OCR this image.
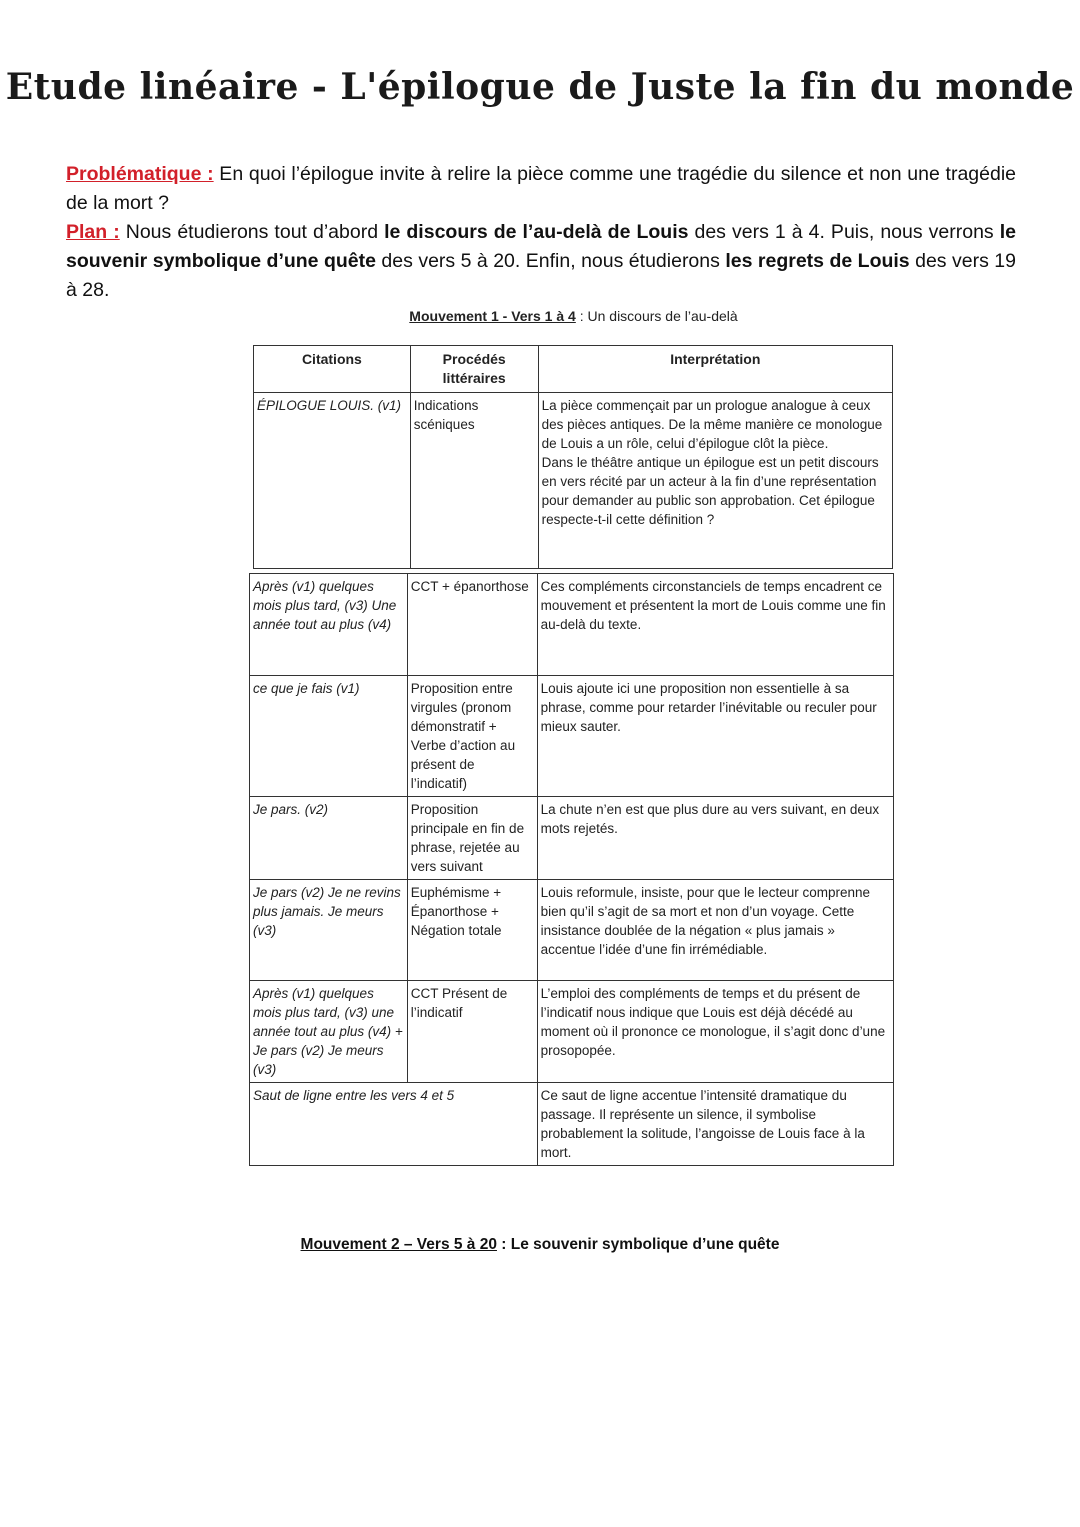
Etude linéaire - L'épilogue de Juste la fin du monde

Problématique : En quoi l’épilogue invite à relire la pièce comme une tragédie du silence et non une tragédie de la mort ?

Plan : Nous étudierons tout d’abord le discours de l’au-delà de Louis des vers 1 à 4. Puis, nous verrons le souvenir symbolique d’une quête des vers 5 à 20. Enfin, nous étudierons les regrets de Louis des vers 19 à 28.

Mouvement 1 - Vers 1 à 4 : Un discours de l’au-delà
Citations	Procédés littéraires	Interprétation
ÉPILOGUE LOUIS. (v1)	Indications scéniques	La pièce commençait par un prologue analogue à ceux des pièces antiques. De la même manière ce monologue de Louis a un rôle, celui d’épilogue clôt la pièce.
Dans le théâtre antique un épilogue est un petit discours en vers récité par un acteur à la fin d’une représentation pour demander au public son approbation. Cet épilogue respecte-t-il cette définition ?
Après (v1) quelques mois plus tard, (v3) Une année tout au plus (v4)	CCT + épanorthose	Ces compléments circonstanciels de temps encadrent ce mouvement et présentent la mort de Louis comme une fin au-delà du texte.
ce que je fais (v1)	Proposition entre virgules (pronom démonstratif + Verbe d’action au présent de l’indicatif)	Louis ajoute ici une proposition non essentielle à sa phrase, comme pour retarder l’inévitable ou reculer pour mieux sauter.
Je pars. (v2)	Proposition principale en fin de phrase, rejetée au vers suivant	La chute n’en est que plus dure au vers suivant, en deux mots rejetés.
Je pars (v2) Je ne revins plus jamais. Je meurs (v3)	Euphémisme + Épanorthose + Négation totale	Louis reformule, insiste, pour que le lecteur comprenne bien qu’il s’agit de sa mort et non d’un voyage. Cette insistance doublée de la négation « plus jamais » accentue l’idée d’une fin irrémédiable.
Après (v1) quelques mois plus tard, (v3) une année tout au plus (v4) + Je pars (v2) Je meurs (v3)	CCT Présent de l’indicatif	L’emploi des compléments de temps et du présent de l’indicatif nous indique que Louis est déjà décédé au moment où il prononce ce monologue, il s’agit donc d’une prosopopée.
Saut de ligne entre les vers 4 et 5		Ce saut de ligne accentue l’intensité dramatique du passage. Il représente un silence, il symbolise probablement la solitude, l’angoisse de Louis face à la mort.
Mouvement 2 – Vers 5 à 20 : Le souvenir symbolique d’une quête
